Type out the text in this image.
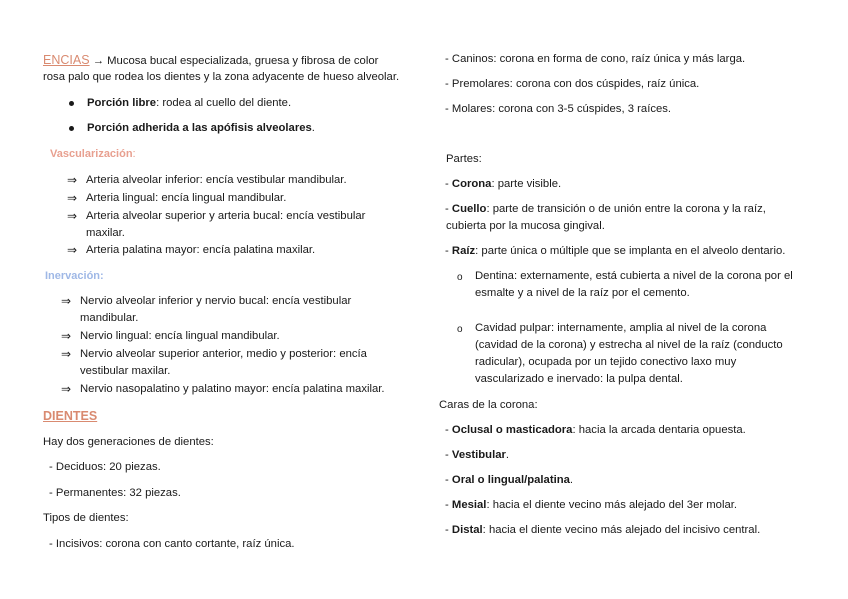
ENCIAS → Mucosa bucal especializada, gruesa y fibrosa de color
rosa palo que rodea los dientes y la zona adyacente de hueso alveolar.
Porción libre: rodea al cuello del diente.
Porción adherida a las apófisis alveolares.
Vascularización:
⇒ Arteria alveolar inferior: encía vestibular mandibular.
⇒ Arteria lingual: encía lingual mandibular.
⇒ Arteria alveolar superior y arteria bucal: encía vestibular
maxilar.
⇒ Arteria palatina mayor: encía palatina maxilar.
Inervación:
⇒ Nervio alveolar inferior y nervio bucal: encía vestibular
mandibular.
⇒ Nervio lingual: encía lingual mandibular.
⇒ Nervio alveolar superior anterior, medio y posterior: encía
vestibular maxilar.
⇒ Nervio nasopalatino y palatino mayor: encía palatina maxilar.
DIENTES
Hay dos generaciones de dientes:
- Deciduos: 20 piezas.
- Permanentes: 32 piezas.
Tipos de dientes:
- Incisivos: corona con canto cortante, raíz única.
- Caninos: corona en forma de cono, raíz única y más larga.
- Premolares: corona con dos cúspides, raíz única.
- Molares: corona con 3-5 cúspides, 3 raíces.
Partes:
- Corona: parte visible.
- Cuello: parte de transición o de unión entre la corona y la raíz,
cubierta por la mucosa gingival.
- Raíz: parte única o múltiple que se implanta en el alveolo dentario.
o Dentina: externamente, está cubierta a nivel de la corona por el
esmalte y a nivel de la raíz por el cemento.
o Cavidad pulpar: internamente, amplia al nivel de la corona
(cavidad de la corona) y estrecha al nivel de la raíz (conducto
radicular), ocupada por un tejido conectivo laxo muy
vascularizado e inervado: la pulpa dental.
Caras de la corona:
- Oclusal o masticadora: hacia la arcada dentaria opuesta.
- Vestibular.
- Oral o lingual/palatina.
- Mesial: hacia el diente vecino más alejado del 3er molar.
- Distal: hacia el diente vecino más alejado del incisivo central.
